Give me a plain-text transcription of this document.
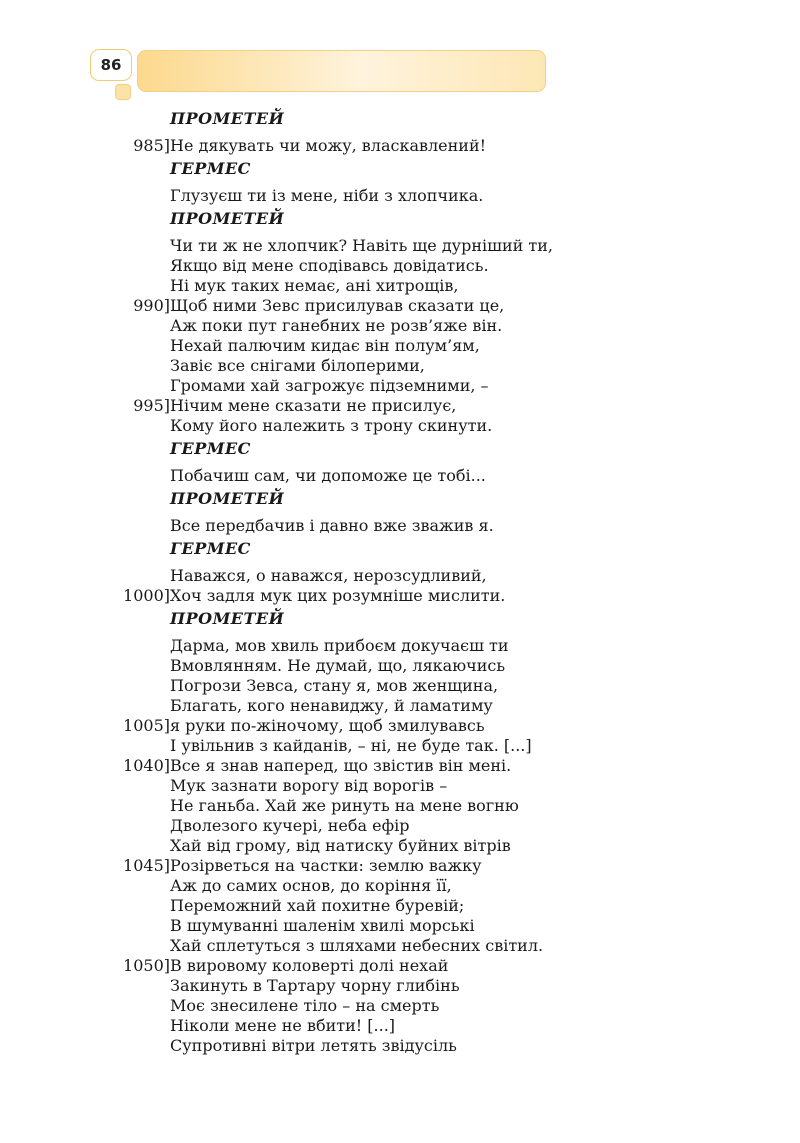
86
ПРОМЕТЕЙ
985] Не дякувать чи можу, власкавлений!
ГЕРМЕС
Глузуєш ти із мене, ніби з хлопчика.
ПРОМЕТЕЙ
Чи ти ж не хлопчик? Навіть ще дурніший ти,
Якщо від мене сподівавсь довідатись.
Ні мук таких немає, ані хитрощів,
990] Щоб ними Зевс присилував сказати це,
Аж поки пут ганебних не розв’яже він.
Нехай палючим кидає він полум’ям,
Завіє все снігами білоперими,
Громами хай загрожує підземними, –
995] Нічим мене сказати не присилує,
Кому його належить з трону скинути.
ГЕРМЕС
Побачиш сам, чи допоможе це тобі...
ПРОМЕТЕЙ
Все передбачив і давно вже зважив я.
ГЕРМЕС
Наважся, о наважся, нерозсудливий,
1000] Хоч задля мук цих розумніше мислити.
ПРОМЕТЕЙ
Дарма, мов хвиль прибоєм докучаєш ти
Вмовлянням. Не думай, що, лякаючись
Погрози Зевса, стану я, мов женщина,
Благать, кого ненавиджу, й ламатиму
1005] я руки по-жіночому, щоб змилувавсь
І увільнив з кайданів, – ні, не буде так. [...]
1040] Все я знав наперед, що звістив він мені.
Мук зазнати ворогу від ворогів –
Не ганьба. Хай же ринуть на мене вогню
Дволезого кучері, неба ефір
Хай від грому, від натиску буйних вітрів
1045] Розірветься на частки: землю важку
Аж до самих основ, до коріння її,
Переможний хай похитне буревій;
В шумуванні шаленім хвилі морські
Хай сплетуться з шляхами небесних світил.
1050] В вировому коловерті долі нехай
Закинуть в Тартару чорну глибінь
Моє знесилене тіло – на смерть
Ніколи мене не вбити! [...]
Супротивні вітри летять звідусіль
